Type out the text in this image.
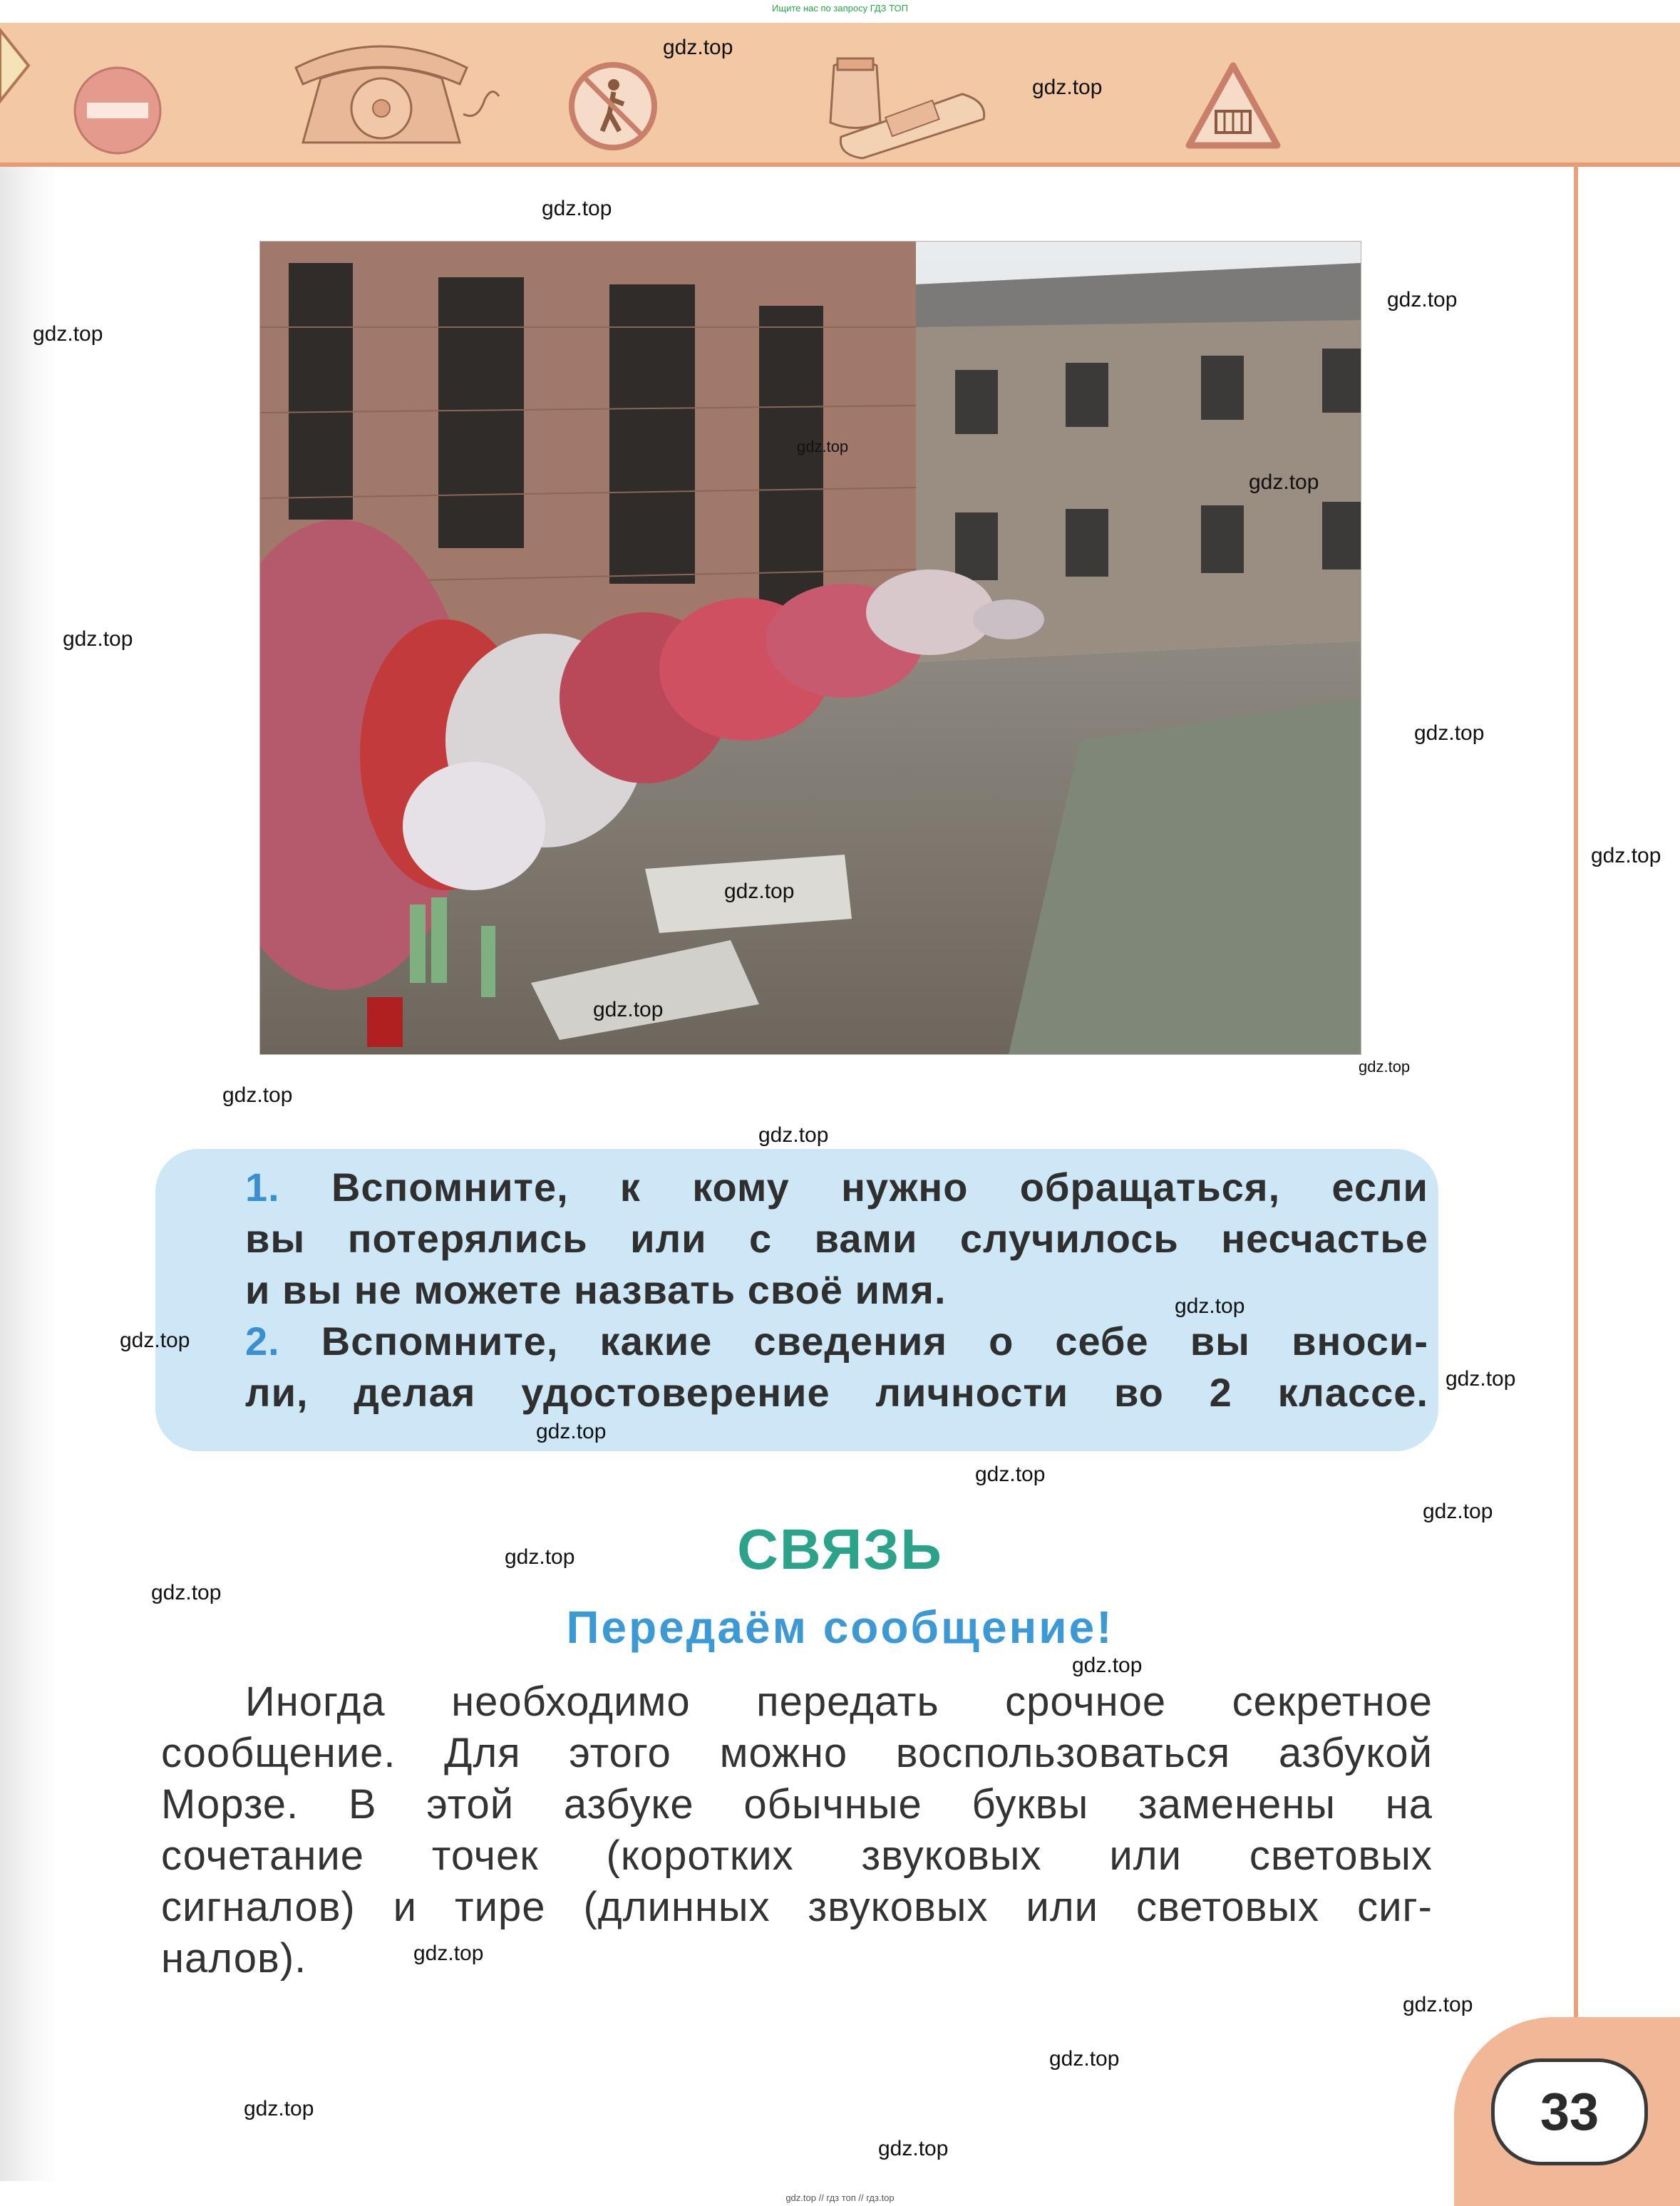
Ищите нас по запросу ГДЗ ТОП
1. Вспомните, к кому нужно обращаться, если
вы потерялись или с вами случилось несчастье
и вы не можете назвать своё имя.
2. Вспомните, какие сведения о себе вы вноси-
ли, делая удостоверение личности во 2 классе.
СВЯЗЬ
Передаём сообщение!
Иногда необходимо передать срочное секретное
сообщение. Для этого можно воспользоваться азбукой
Морзе. В этой азбуке обычные буквы заменены на
сочетание точек (коротких звуковых или световых
сигналов) и тире (длинных звуковых или световых сиг-
налов).
33
gdz.top
gdz.top
gdz.top
gdz.top
gdz.top
gdz.top
gdz.top
gdz.top
gdz.top
gdz.top
gdz.top
gdz.top
gdz.top
gdz.top
gdz.top
gdz.top
gdz.top
gdz.top
gdz.top
gdz.top
gdz.top
gdz.top
gdz.top
gdz.top
gdz.top
gdz.top
gdz.top
gdz.top
gdz.top
gdz.top // гдз топ // гдз.top
